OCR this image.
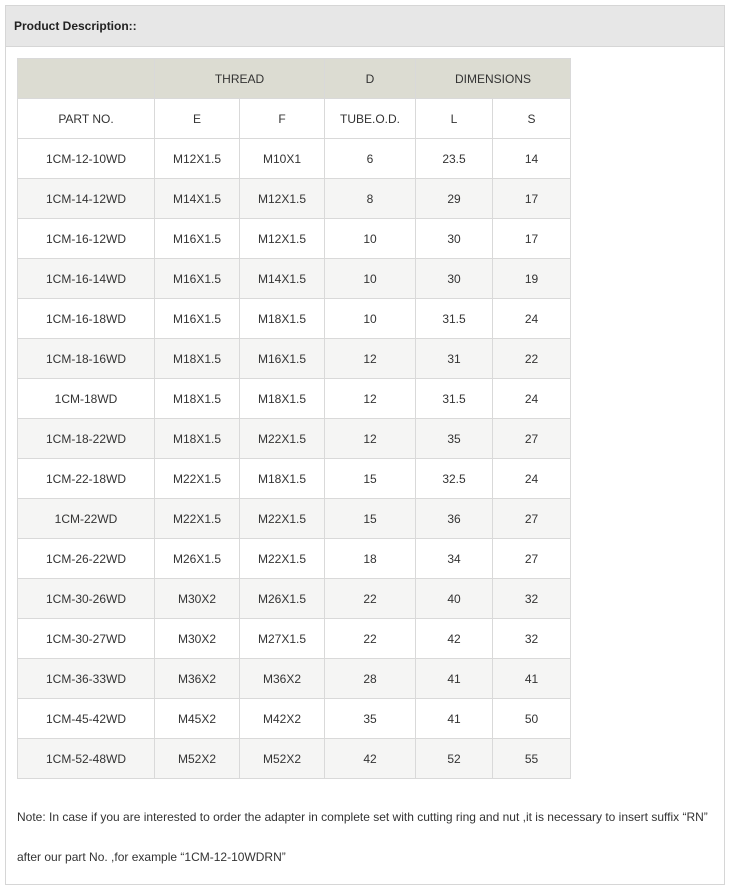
Product Description::
	THREAD		D	DIMENSIONS	
PART NO.	E	F	TUBE.O.D.	L	S
1CM-12-10WD	M12X1.5	M10X1	6	23.5	14
1CM-14-12WD	M14X1.5	M12X1.5	8	29	17
1CM-16-12WD	M16X1.5	M12X1.5	10	30	17
1CM-16-14WD	M16X1.5	M14X1.5	10	30	19
1CM-16-18WD	M16X1.5	M18X1.5	10	31.5	24
1CM-18-16WD	M18X1.5	M16X1.5	12	31	22
1CM-18WD	M18X1.5	M18X1.5	12	31.5	24
1CM-18-22WD	M18X1.5	M22X1.5	12	35	27
1CM-22-18WD	M22X1.5	M18X1.5	15	32.5	24
1CM-22WD	M22X1.5	M22X1.5	15	36	27
1CM-26-22WD	M26X1.5	M22X1.5	18	34	27
1CM-30-26WD	M30X2	M26X1.5	22	40	32
1CM-30-27WD	M30X2	M27X1.5	22	42	32
1CM-36-33WD	M36X2	M36X2	28	41	41
1CM-45-42WD	M45X2	M42X2	35	41	50
1CM-52-48WD	M52X2	M52X2	42	52	55
Note: In case if you are interested to order the adapter in complete set with cutting ring and nut ,it is necessary to insert suffix “RN”
after our part No. ,for example “1CM-12-10WDRN”
